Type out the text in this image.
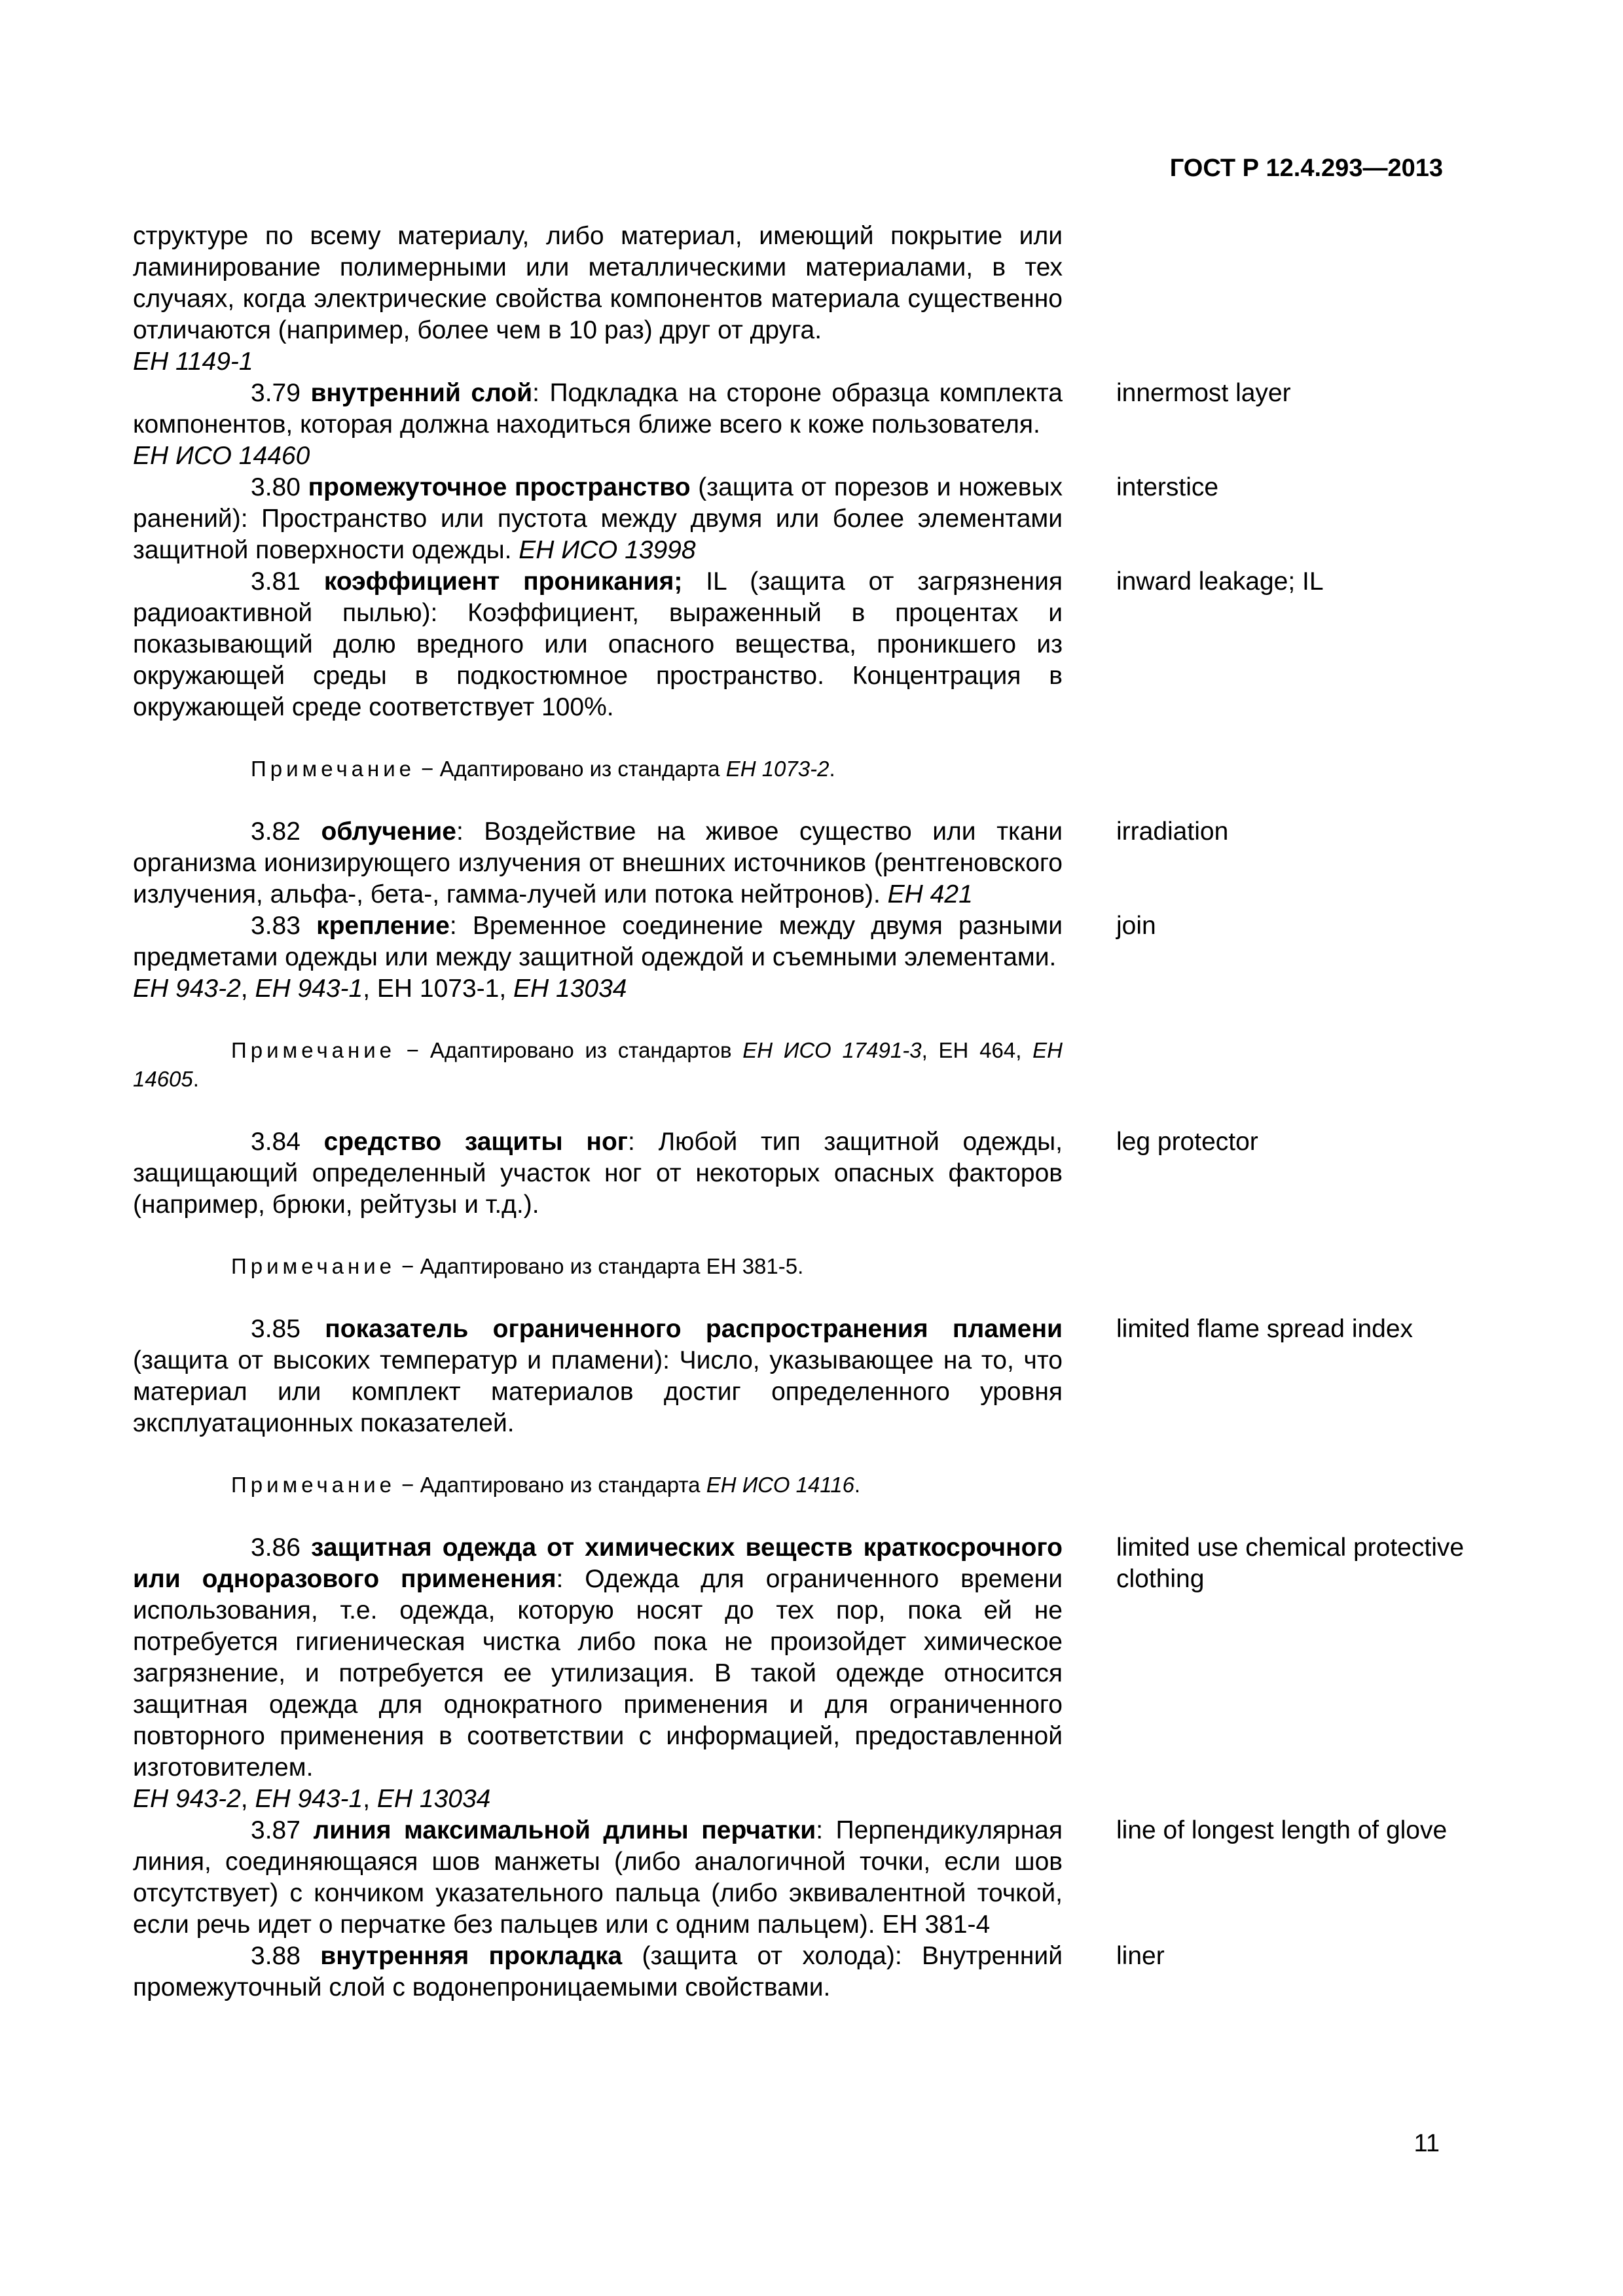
ГОСТ Р 12.4.293—2013
структуре по всему материалу, либо материал, имеющий покрытие или ламинирование полимерными или металлическими материалами, в тех случаях, когда электрические свойства компонентов материала существенно отличаются (например, более чем в 10 раз) друг от друга.
ЕН 1149-1
3.79 внутренний слой: Подкладка на стороне образца комплекта компонентов, которая должна находиться ближе всего к коже пользователя.
ЕН ИСО 14460
innermost layer
3.80 промежуточное пространство (защита от порезов и ножевых ранений): Пространство или пустота между двумя или более элементами защитной поверхности одежды. ЕН ИСО 13998
interstice
3.81 коэффициент проникания; IL (защита от загрязнения радиоактивной пылью): Коэффициент, выраженный в процентах и показывающий долю вредного или опасного вещества, проникшего из окружающей среды в подкостюмное пространство. Концентрация в окружающей среде соответствует 100%.
inward leakage; IL
Примечание − Адаптировано из стандарта ЕН 1073-2.
3.82 облучение: Воздействие на живое существо или ткани организма ионизирующего излучения от внешних источников (рентгеновского излучения, альфа-, бета-, гамма-лучей или потока нейтронов). ЕН 421
irradiation
3.83 крепление: Временное соединение между двумя разными предметами одежды или между защитной одеждой и съемными элементами.
ЕН 943-2, ЕН 943-1, ЕН 1073-1, ЕН 13034
join
Примечание − Адаптировано из стандартов ЕН ИСО 17491-3, ЕН 464, ЕН 14605.
3.84 средство защиты ног: Любой тип защитной одежды, защищающий определенный участок ног от некоторых опасных факторов (например, брюки, рейтузы и т.д.).
leg protector
Примечание − Адаптировано из стандарта ЕН 381-5.
3.85 показатель ограниченного распространения пламени (защита от высоких температур и пламени): Число, указывающее на то, что материал или комплект материалов достиг определенного уровня эксплуатационных показателей.
limited flame spread index
Примечание − Адаптировано из стандарта ЕН ИСО 14116.
3.86 защитная одежда от химических веществ краткосрочного или одноразового применения: Одежда для ограниченного времени использования, т.е. одежда, которую носят до тех пор, пока ей не потребуется гигиеническая чистка либо пока не произойдет химическое загрязнение, и потребуется ее утилизация. В такой одежде относится защитная одежда для однократного применения и для ограниченного повторного применения в соответствии с информацией, предоставленной изготовителем.
ЕН 943-2, ЕН 943-1, ЕН 13034
limited use chemical protective clothing
3.87 линия максимальной длины перчатки: Перпендикулярная линия, соединяющаяся шов манжеты (либо аналогичной точки, если шов отсутствует) с кончиком указательного пальца (либо эквивалентной точкой, если речь идет о перчатке без пальцев или с одним пальцем). ЕН 381-4
line of longest length of glove
3.88 внутренняя прокладка (защита от холода): Внутренний промежуточный слой с водонепроницаемыми свойствами.
liner
11
